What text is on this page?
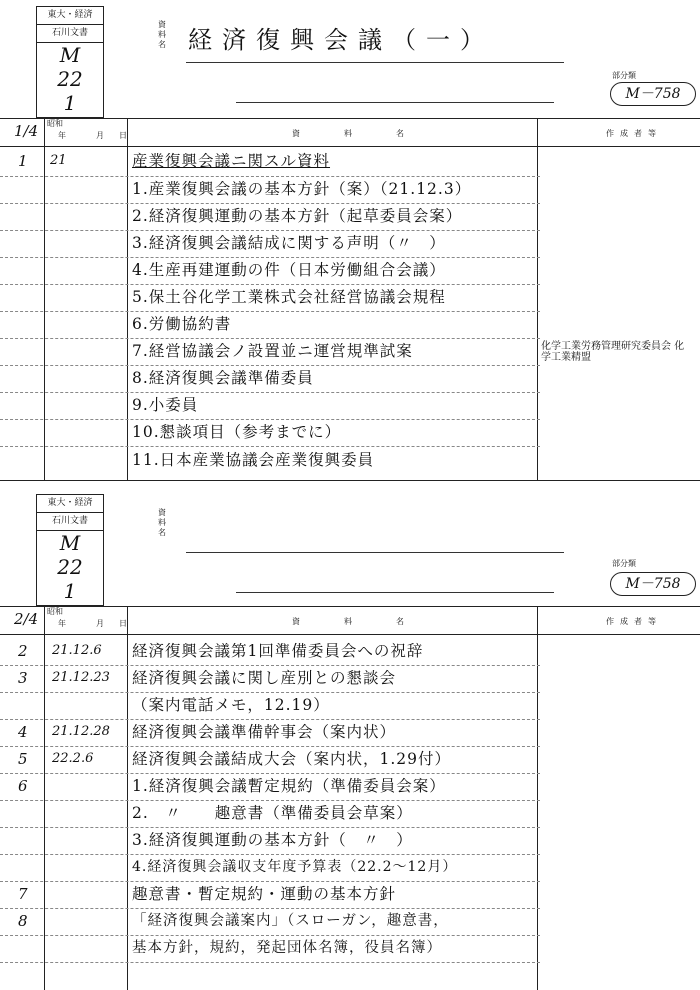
東大・経済
石川文書
M
22
1
資料名 経済復興会議（一）
部分類
M－758
1/4 昭和
年	月 日	資　料　名	作成者等
1 21	産業復興会議ニ関スル資料
1.産業復興会議の基本方針（案）（21.12.3）
2.経済復興運動の基本方針（起草委員会案）
3.経済復興会議結成に関する声明（〃　）
4.生産再建運動の件（日本労働組合会議）
5.保土谷化学工業株式会社経営協議会規程
6.労働協約書
7.経営協議会ノ設置並ニ運営規準試案	化学工業労務管理研究委員会 化学工業精盟
8.経済復興会議準備委員
9.小委員
10.懇談項目（参考までに）
11.日本産業協議会産業復興委員
東大・経済
石川文書
M
22
1
資料名
部分類
M－758
2/4 昭和
年	月 日	資　料　名	作成者等
2 21.12.6 経済復興会議第1回準備委員会への祝辞
3 21.12.23 経済復興会議に関し産別との懇談会
（案内電話メモ，12.19）
4 21.12.28 経済復興会議準備幹事会（案内状）
5 22.2.6 経済復興会議結成大会（案内状，1.29付）
6	1.経済復興会議暫定規約（準備委員会案）
2.　〃　　趣意書（準備委員会草案）
3.経済復興運動の基本方針（　〃　）
4.経済復興会議収支年度予算表（22.2～12月）
7	趣意書・暫定規約・運動の基本方針
8	「経済復興会議案内」（スローガン，趣意書，
基本方針，規約，発起団体名簿，役員名簿）
